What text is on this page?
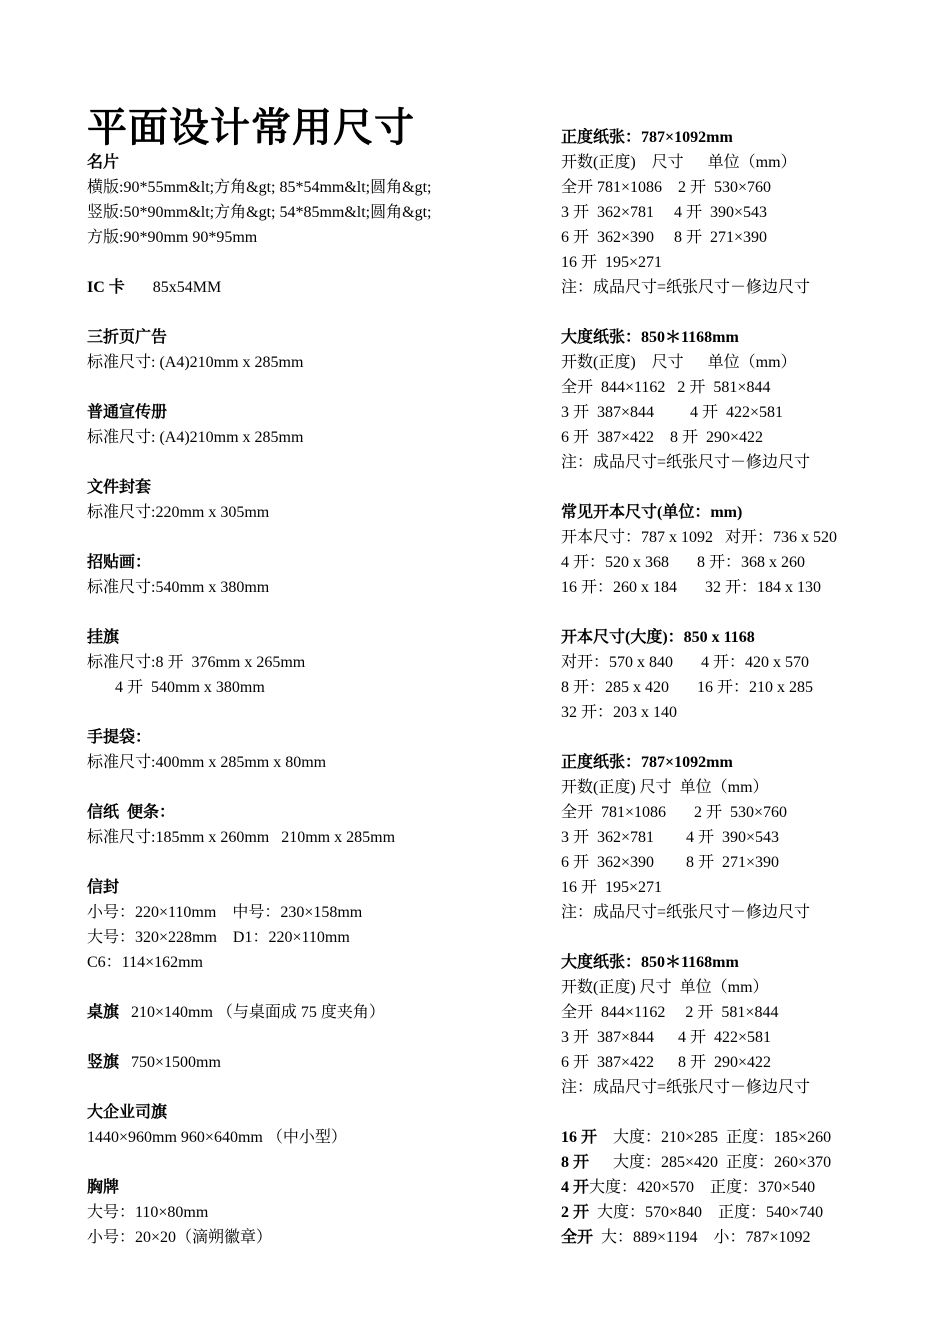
平面设计常用尺寸
名片
横版:90*55mm&lt;方角&gt; 85*54mm&lt;圆角&gt;
竖版:50*90mm&lt;方角&gt; 54*85mm&lt;圆角&gt;
方版:90*90mm 90*95mm
IC 卡       85x54MM
三折页广告
标准尺寸: (A4)210mm x 285mm
普通宣传册
标准尺寸: (A4)210mm x 285mm
文件封套
标准尺寸:220mm x 305mm
招贴画：
标准尺寸:540mm x 380mm
挂旗
标准尺寸:8 开  376mm x 265mm
4 开  540mm x 380mm
手提袋：
标准尺寸:400mm x 285mm x 80mm
信纸  便条：
标准尺寸:185mm x 260mm   210mm x 285mm
信封
小号：220×110mm    中号：230×158mm
大号：320×228mm    D1：220×110mm
C6：114×162mm
桌旗   210×140mm （与桌面成 75 度夹角）
竖旗   750×1500mm
大企业司旗
1440×960mm 960×640mm （中小型）
胸牌
大号：110×80mm
小号：20×20（滴朔徽章）
正度纸张：787×1092mm
开数(正度)    尺寸      单位（mm）
全开 781×1086    2 开  530×760
3 开  362×781     4 开  390×543
6 开  362×390     8 开  271×390
16 开  195×271
注：成品尺寸=纸张尺寸－修边尺寸
大度纸张：850＊1168mm
开数(正度)    尺寸      单位（mm）
全开  844×1162   2 开  581×844
3 开  387×844         4 开  422×581
6 开  387×422    8 开  290×422
注：成品尺寸=纸张尺寸－修边尺寸
常见开本尺寸(单位：mm)
开本尺寸：787 x 1092   对开：736 x 520
4 开：520 x 368       8 开：368 x 260
16 开：260 x 184       32 开：184 x 130
开本尺寸(大度)：850 x 1168
对开：570 x 840       4 开：420 x 570
8 开：285 x 420       16 开：210 x 285
32 开：203 x 140
正度纸张：787×1092mm
开数(正度) 尺寸  单位（mm）
全开  781×1086       2 开  530×760
3 开  362×781        4 开  390×543
6 开  362×390        8 开  271×390
16 开  195×271
注：成品尺寸=纸张尺寸－修边尺寸
大度纸张：850＊1168mm
开数(正度) 尺寸  单位（mm）
全开  844×1162     2 开  581×844
3 开  387×844      4 开  422×581
6 开  387×422      8 开  290×422
注：成品尺寸=纸张尺寸－修边尺寸
16 开    大度：210×285  正度：185×260
8 开      大度：285×420  正度：260×370
4 开大度：420×570    正度：370×540
2 开  大度：570×840    正度：540×740
全开  大：889×1194    小：787×1092
